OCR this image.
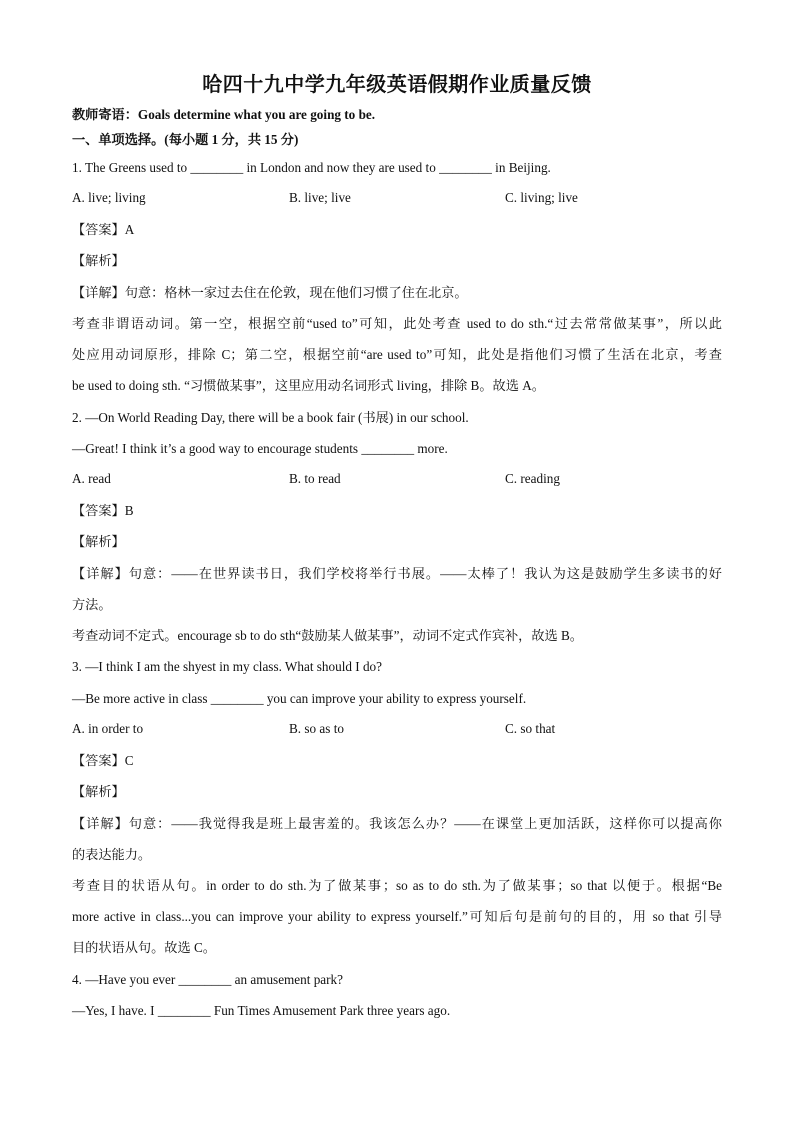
哈四十九中学九年级英语假期作业质量反馈
教师寄语：Goals determine what you are going to be.
一、单项选择。(每小题 1 分，共 15 分)
1. The Greens used to ________ in London and now they are used to ________ in Beijing.
A. live; living	B. live; live	C. living; live
【答案】A
【解析】
【详解】句意：格林一家过去住在伦敦，现在他们习惯了住在北京。
考查非谓语动词。第一空，根据空前“used to”可知，此处考查 used to do sth.“过去常常做某事”，所以此
处应用动词原形，排除 C；第二空，根据空前“are used to”可知，此处是指他们习惯了生活在北京，考查
be used to doing sth. “习惯做某事”，这里应用动名词形式 living，排除 B。故选 A。
2. —On World Reading Day, there will be a book fair (书展) in our school.
—Great! I think it’s a good way to encourage students ________ more.
A. read	B. to read	C. reading
【答案】B
【解析】
【详解】句意：——在世界读书日，我们学校将举行书展。——太棒了！我认为这是鼓励学生多读书的好
方法。
考查动词不定式。encourage sb to do sth“鼓励某人做某事”，动词不定式作宾补，故选 B。
3. —I think I am the shyest in my class. What should I do?
—Be more active in class ________ you can improve your ability to express yourself.
A. in order to	B. so as to	C. so that
【答案】C
【解析】
【详解】句意：——我觉得我是班上最害羞的。我该怎么办？——在课堂上更加活跃，这样你可以提高你
的表达能力。
考查目的状语从句。in order to do sth.为了做某事；so as to do sth.为了做某事；so that 以便于。根据“Be
more active in class...you can improve your ability to express yourself.”可知后句是前句的目的，用 so that 引导
目的状语从句。故选 C。
4. —Have you ever ________ an amusement park?
—Yes, I have. I ________ Fun Times Amusement Park three years ago.
